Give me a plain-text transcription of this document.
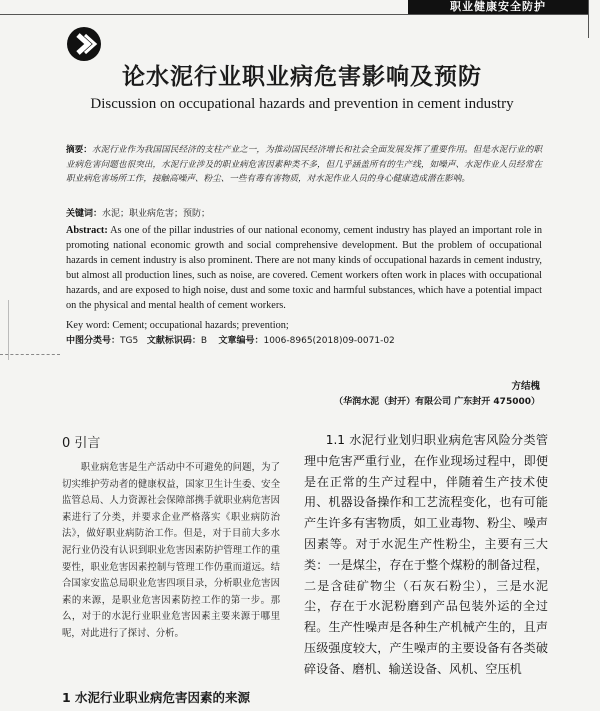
职业健康安全防护
论水泥行业职业病危害影响及预防
Discussion on occupational hazards and prevention in cement industry
摘要：水泥行业作为我国国民经济的支柱产业之一，为推动国民经济增长和社会全面发展发挥了重要作用。但是水泥行业的职业病危害问题也很突出，水泥行业涉及的职业病危害因素种类不多，但几乎涵盖所有的生产线，如噪声、水泥作业人员经常在职业病危害场所工作，接触高噪声、粉尘、一些有毒有害物质，对水泥作业人员的身心健康造成潜在影响。
关键词：水泥；职业病危害；预防；
Abstract: As one of the pillar industries of our national economy, cement industry has played an important role in promoting national economic growth and social comprehensive development. But the problem of occupational hazards in cement industry is also prominent. There are not many kinds of occupational hazards in cement industry, but almost all production lines, such as noise, are covered. Cement workers often work in places with occupational hazards, and are exposed to high noise, dust and some toxic and harmful substances, which have a potential impact on the physical and mental health of cement workers.
Key word: Cement; occupational hazards; prevention;
中图分类号：TG5 文献标识码：B 文章编号：1006-8965(2018)09-0071-02
方结槐
（华润水泥（封开）有限公司 广东封开 475000）
0 引言

职业病危害是生产活动中不可避免的问题，为了切实维护劳动者的健康权益，国家卫生计生委、安全监管总局、人力资源社会保障部携手就职业病危害因素进行了分类，并要求企业严格落实《职业病防治法》，做好职业病防治工作。但是，对于目前大多水泥行业仍没有认识到职业危害因素防护管理工作的重要性，职业危害因素控制与管理工作仍重而道远。结合国家安监总局职业危害四项目录，分析职业危害因素的来源，是职业危害因素防控工作的第一步。那么，对于的水泥行业职业危害因素主要来源于哪里呢，对此进行了探讨、分析。

1 水泥行业职业病危害因素的来源

1.1 水泥行业划归职业病危害风险分类管理中危害严重行业，在作业现场过程中，即便是在正常的生产过程中，伴随着生产技术使用、机器设备操作和工艺流程变化，也有可能产生许多有害物质，如工业毒物、粉尘、噪声因素等。对于水泥生产性粉尘，主要有三大类：一是煤尘，存在于整个煤粉的制备过程，二是含硅矿物尘（石灰石粉尘），三是水泥尘，存在于水泥粉磨到产品包装外运的全过程。生产性噪声是各种生产机械产生的，且声压级强度较大，产生噪声的主要设备有各类破碎设备、磨机、输送设备、风机、空压机
